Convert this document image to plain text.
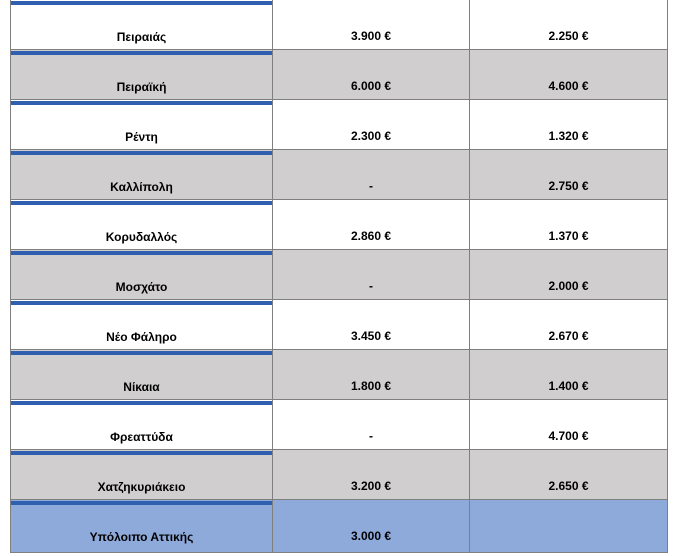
Πειραιάς	3.900 €	2.250 €
Πειραϊκή	6.000 €	4.600 €
Ρέντη	2.300 €	1.320 €
Καλλίπολη	-	2.750 €
Κορυδαλλός	2.860 €	1.370 €
Μοσχάτο	-	2.000 €
Νέο Φάληρο	3.450 €	2.670 €
Νίκαια	1.800 €	1.400 €
Φρεαττύδα	-	4.700 €
Χατζηκυριάκειο	3.200 €	2.650 €
Υπόλοιπο Αττικής	3.000 €
